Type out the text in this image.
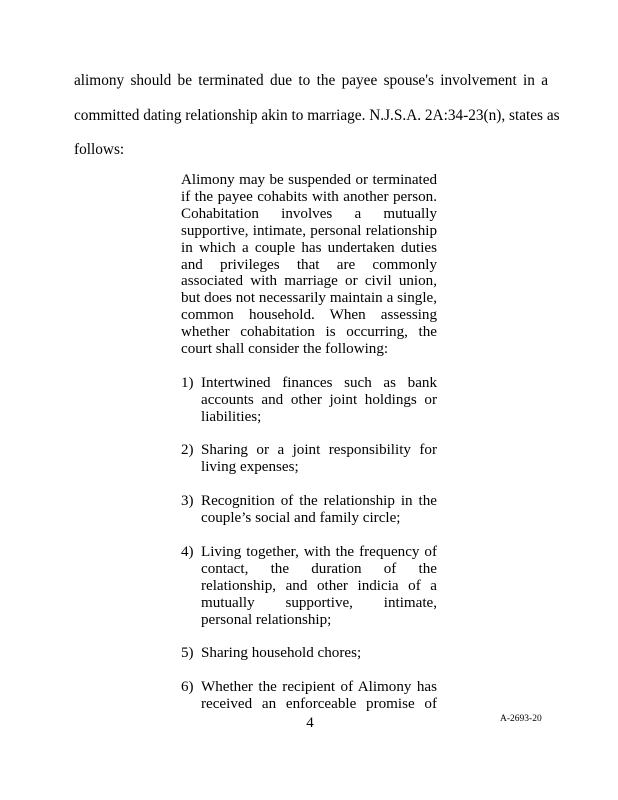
alimony should be terminated due to the payee spouse's involvement in a
committed dating relationship akin to marriage. N.J.S.A. 2A:34-23(n), states as
follows:

Alimony may be suspended or terminated if the payee cohabits with another person. Cohabitation involves a mutually supportive, intimate, personal relationship in which a couple has undertaken duties and privileges that are commonly associated with marriage or civil union, but does not necessarily maintain a single, common household. When assessing whether cohabitation is occurring, the court shall consider the following:

1) Intertwined finances such as bank accounts and other joint holdings or liabilities;
2) Sharing or a joint responsibility for living expenses;
3) Recognition of the relationship in the couple’s social and family circle;
4) Living together, with the frequency of contact, the duration of the relationship, and other indicia of a mutually supportive, intimate, personal relationship;
5) Sharing household chores;
6) Whether the recipient of Alimony has received an enforceable promise of
4	A-2693-20
